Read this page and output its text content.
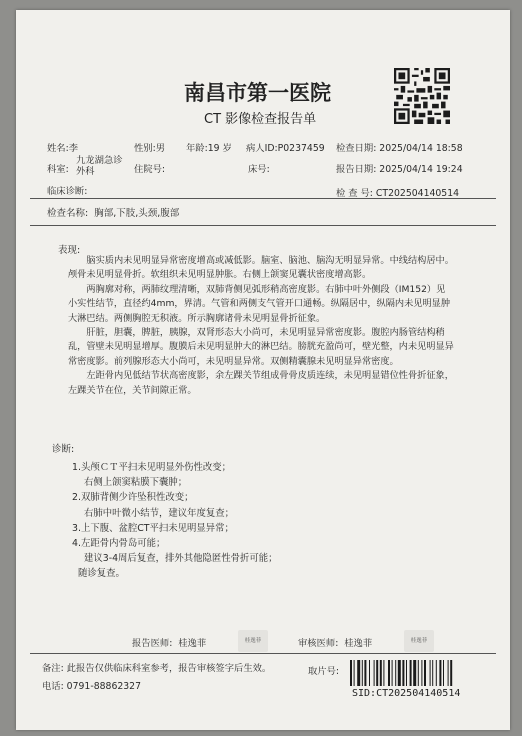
南昌市第一医院
CT 影像检查报告单
姓名:李	性别:男 年龄:19 岁 病人ID:P0237459 检查日期: 2025/04/14 18:58
科室:
九龙湖急诊
外科	住院号:	床号:	报告日期: 2025/04/14 19:24
临床诊断:	检 查 号: CT202504140514
检查名称: 胸部,下肢,头颈,腹部
表现:

脑实质内未见明显异常密度增高或减低影。脑室、脑池、脑沟无明显异常。中线结构居中。颅骨未见明显骨折。软组织未见明显肿胀。右侧上颌窦见囊状密度增高影。

两胸廓对称，两肺纹理清晰，双肺背侧见弧形稍高密度影。右肺中叶外侧段（IM152）见小实性结节，直径约4mm，界清。气管和两侧支气管开口通畅。纵隔居中，纵隔内未见明显肿大淋巴结。两侧胸腔无积液。所示胸廓诸骨未见明显骨折征象。

肝脏，胆囊，脾脏，胰腺，双肾形态大小尚可，未见明显异常密度影。腹腔内肠管结构稍乱，管壁未见明显增厚。腹膜后未见明显肿大的淋巴结。膀胱充盈尚可，壁光整，内未见明显异常密度影。前列腺形态大小尚可，未见明显异常。双侧精囊腺未见明显异常密度。

左距骨内见低结节状高密度影，余左踝关节组成骨骨皮质连续，未见明显错位性骨折征象，左踝关节在位，关节间隙正常。

诊断:
1.头颅ＣＴ平扫未见明显外伤性改变；
右侧上颌窦粘膜下囊肿；
2.双肺背侧少许坠积性改变；
右肺中叶微小结节，建议年度复查；
3.上下腹、盆腔CT平扫未见明显异常；
4.左距骨内骨岛可能；
建议3-4周后复查，排外其他隐匿性骨折可能；
随诊复查。
报告医师: 桂逸菲	桂逸菲	审核医师: 桂逸菲	桂逸菲
备注: 此报告仅供临床科室参考，报告审核签字后生效。
电话: 0791-88862327
取片号:
SID:CT202504140514
